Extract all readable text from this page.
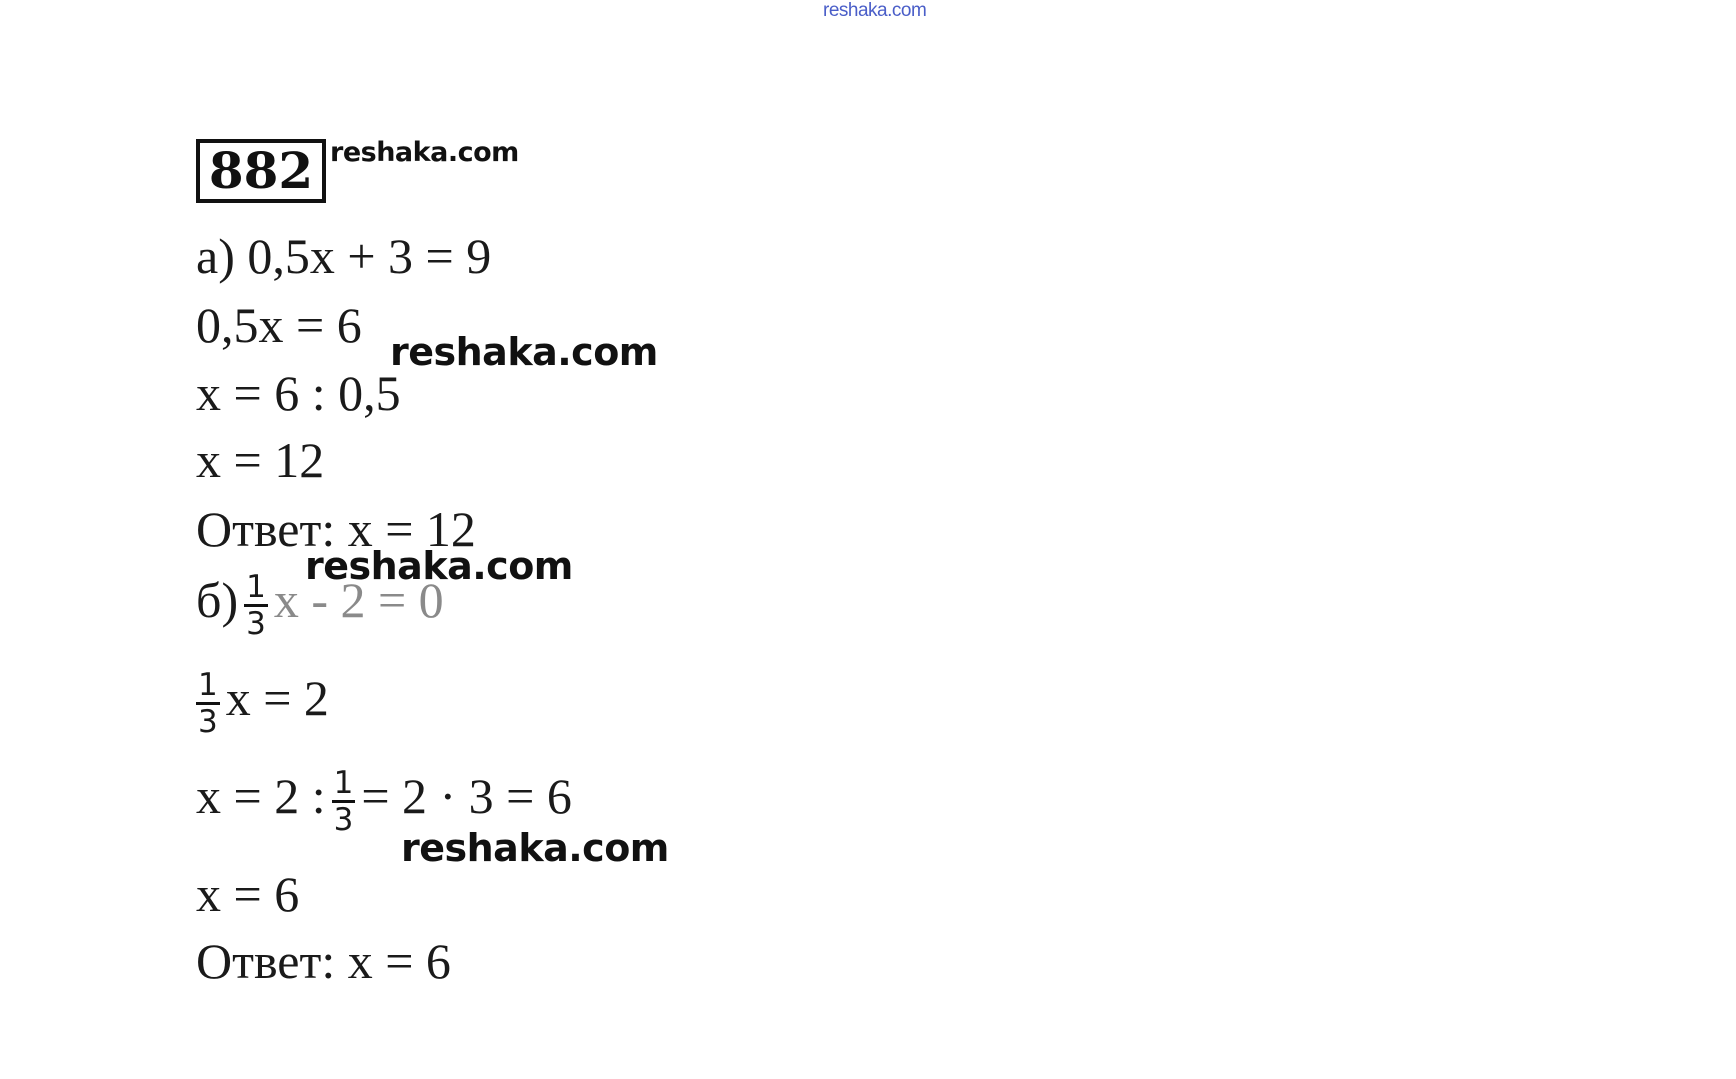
reshaka.com
882 reshaka.com
а) 0,5x + 3 = 9
0,5x = 6 reshaka.com
x = 6 : 0,5
x = 12
Ответ: x = 12
reshaka.com
$б) \frac{1}{3}$ x - 2 = 0
$\frac{1}{3}$ x = 2
x = 2 : $\frac{1}{3} = 2 \cdot 3 = 6$
reshaka.com
x = 6
Ответ: x = 6
